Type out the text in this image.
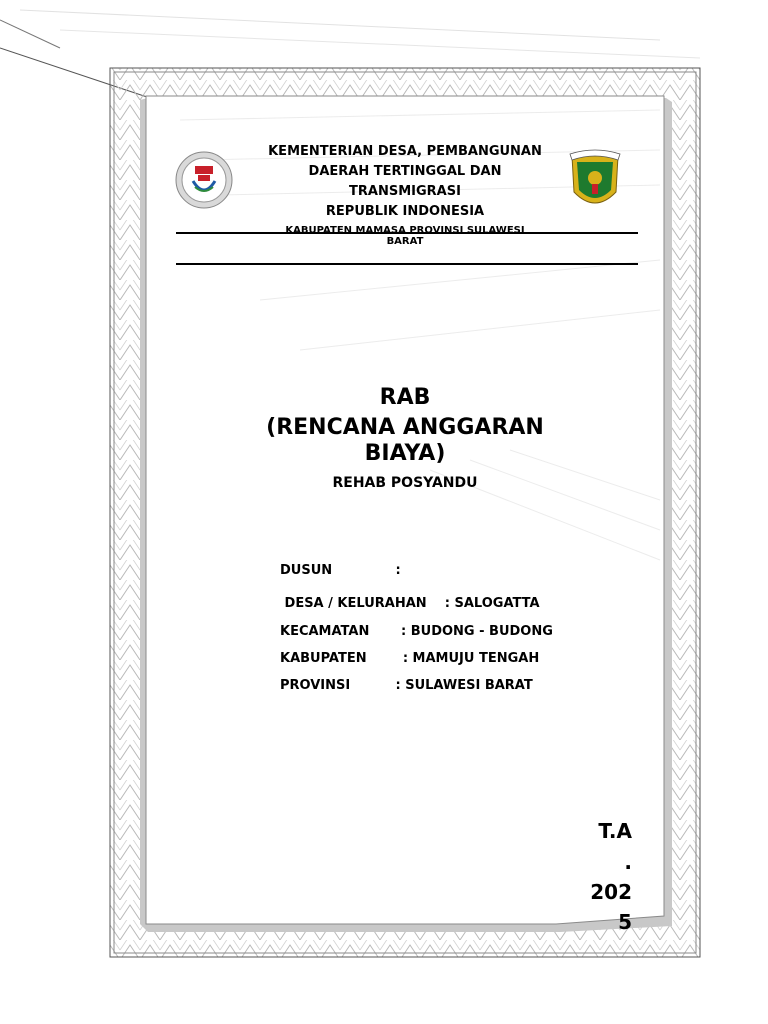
KEMENTERIAN DESA, PEMBANGUNAN
DAERAH TERTINGGAL DAN
TRANSMIGRASI
REPUBLIK INDONESIA
KABUPATEN MAMASA PROVINSI SULAWESI
BARAT
RAB
(RENCANA ANGGARAN
BIAYA)
REHAB POSYANDU
DUSUN              :
DESA / KELURAHAN    : SALOGATTA
KECAMATAN       : BUDONG - BUDONG
KABUPATEN        : MAMUJU TENGAH
PROVINSI          : SULAWESI BARAT
T.A
.
202
5
